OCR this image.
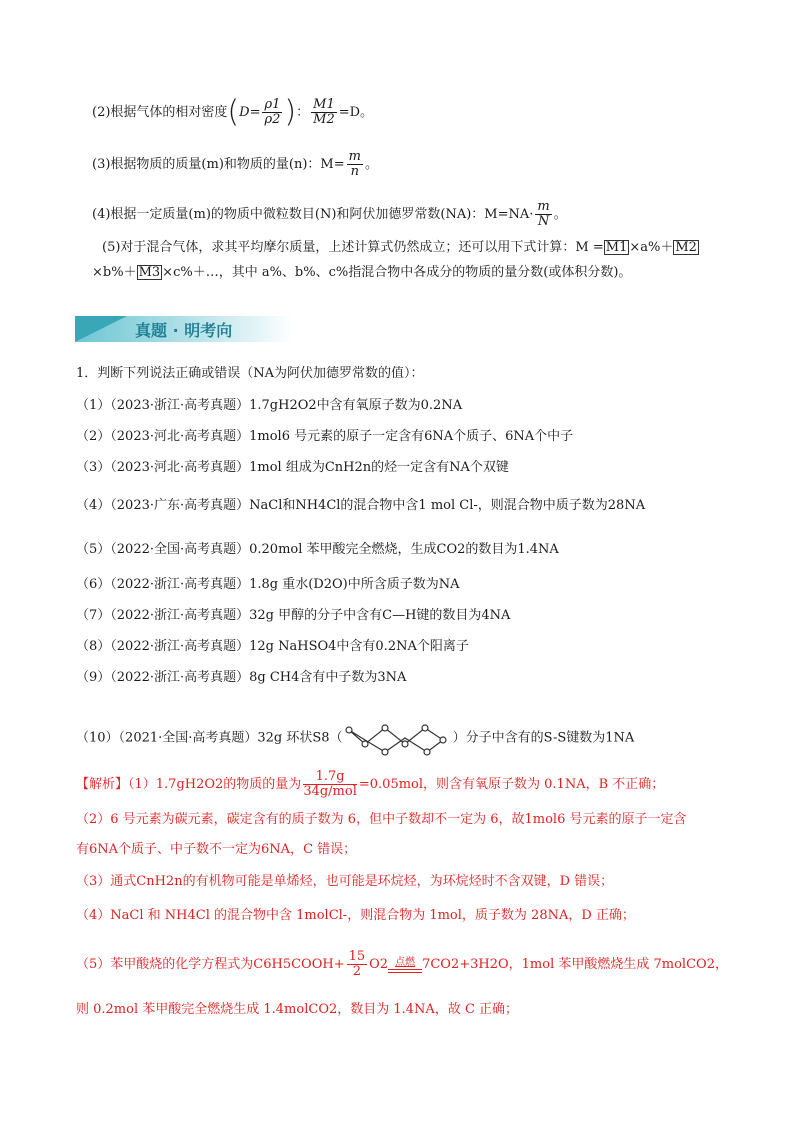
(2)根据气体的相对密度($D= \frac{\rho 1}{\rho 2}$ )： $\frac{M1}{M2} =D$。
(3)根据物质的质量(m)和物质的量(n)：$M= \frac{m}{n}$ 。
(4)根据一定质量(m)的物质中微粒数目(N)和阿伏加德罗常数(NA)：$M=NA\cdot \frac{m}{N}$ 。
(5)对于混合气体，求其平均摩尔质量，上述计算式仍然成立；还可以用下式计算：M = M1 ×a%＋ M2
×b%＋ M3 ×c%＋…，其中 a%、b%、c%指混合物中各成分的物质的量分数(或体积分数)。
真题 · 明考向
1．判断下列说法正确或错误（NA为阿伏加德罗常数的值）：
（1）（2023·浙江·高考真题）1.7gH2O2中含有氧原子数为0.2NA
（2）（2023·河北·高考真题）1mol6 号元素的原子一定含有6NA个质子、6NA个中子
（3）（2023·河北·高考真题）1mol 组成为CnH2n的烃一定含有NA个双键
（4）（2023·广东·高考真题）NaCl和NH4Cl的混合物中含1 mol Cl-，则混合物中质子数为28NA
（5）（2022·全国·高考真题）0.20mol 苯甲酸完全燃烧，生成CO2的数目为1.4NA
（6）（2022·浙江·高考真题）1.8g 重水(D2O)中所含质子数为NA
（7）（2022·浙江·高考真题）32g 甲醇的分子中含有C—H键的数目为4NA
（8）（2022·浙江·高考真题）12g NaHSO4中含有0.2NA个阳离子
（9）（2022·浙江·高考真题）8g CH4含有中子数为3NA
（10）（2021·全国·高考真题）32g 环状S8（	）分子中含有的S-S键数为1NA
【解析】（1）1.7gH2O2的物质的量为 $\frac{1.7g}{\text{34g/mol}} =0.05mol$，则含有氧原子数为 0.1NA，B 不正确；
（2）6 号元素为碳元素，碳定含有的质子数为 6，但中子数却不一定为 6，故1mol6 号元素的原子一定含
有6NA个质子、中子数不一定为6NA，C 错误；
（3）通式CnH2n的有机物可能是单烯烃，也可能是环烷烃，为环烷烃时不含双键，D 错误；
（4）NaCl 和 NH4Cl 的混合物中含 1molCl-，则混合物为 1mol，质子数为 28NA，D 正确；
（5）苯甲酸烧的化学方程式为C6H5COOH+ $\frac{15}{2} O2$ 点燃 7CO2+3H2O，1mol 苯甲酸燃烧生成 7molCO2，
则 0.2mol 苯甲酸完全燃烧生成 1.4molCO2，数目为 1.4NA，故 C 正确；
